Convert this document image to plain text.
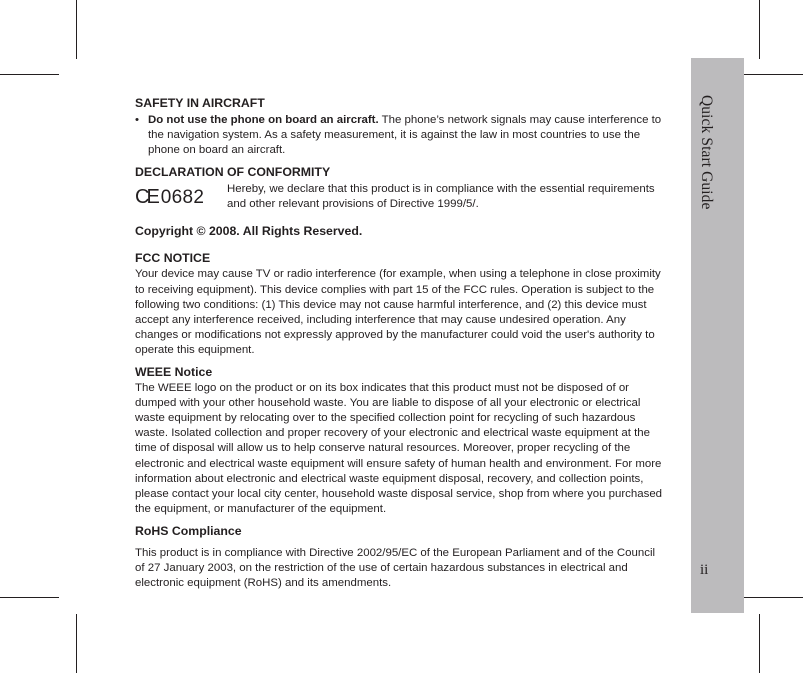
Quick Start Guide
ii
SAFETY IN AIRCRAFT
• Do not use the phone on board an aircraft. The phone’s network signals may cause interference to the navigation system. As a safety measurement, it is against the law in most countries to use the phone on board an aircraft.
DECLARATION OF CONFORMITY
CE 0682 Hereby, we declare that this product is in compliance with the essential requirements and other relevant provisions of Directive 1999/5/.
Copyright © 2008. All Rights Reserved.
FCC NOTICE
Your device may cause TV or radio interference (for example, when using a telephone in close proximity to receiving equipment). This device complies with part 15 of the FCC rules. Operation is subject to the following two conditions: (1) This device may not cause harmful interference, and (2) this device must accept any interference received, including interference that may cause undesired operation. Any changes or modifications not expressly approved by the manufacturer could void the user's authority to operate this equipment.
WEEE Notice
The WEEE logo on the product or on its box indicates that this product must not be disposed of or dumped with your other household waste. You are liable to dispose of all your electronic or electrical waste equipment by relocating over to the specified collection point for recycling of such hazardous waste. Isolated collection and proper recovery of your electronic and electrical waste equipment at the time of disposal will allow us to help conserve natural resources. Moreover, proper recycling of the electronic and electrical waste equipment will ensure safety of human health and environment. For more information about electronic and electrical waste equipment disposal, recovery, and collection points, please contact your local city center, household waste disposal service, shop from where you purchased the equipment, or manufacturer of the equipment.
RoHS Compliance
This product is in compliance with Directive 2002/95/EC of the European Parliament and of the Council of 27 January 2003, on the restriction of the use of certain hazardous substances in electrical and electronic equipment (RoHS) and its amendments.
